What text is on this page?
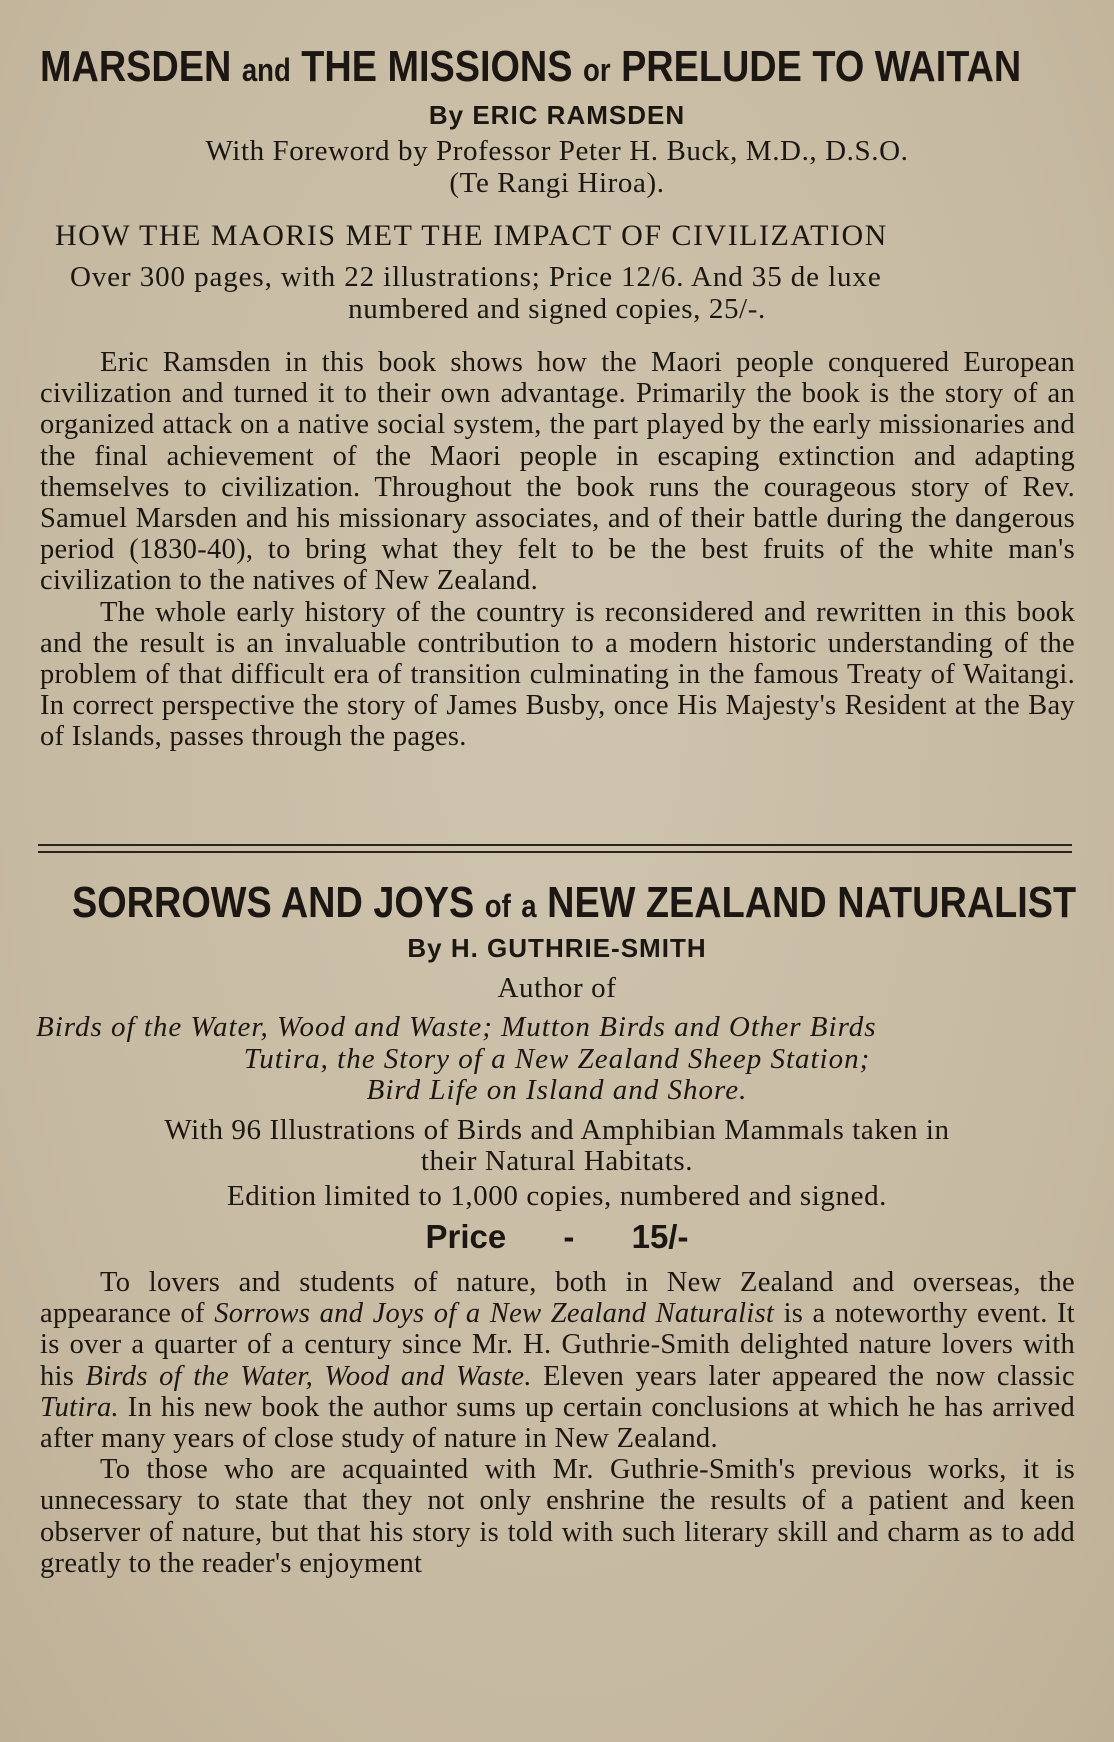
MARSDEN and THE MISSIONS or PRELUDE TO WAITAN
By ERIC RAMSDEN
With Foreword by Professor Peter H. Buck, M.D., D.S.O.
(Te Rangi Hiroa).
HOW THE MAORIS MET THE IMPACT OF CIVILIZATION
Over 300 pages, with 22 illustrations; Price 12/6. And 35 de luxe
numbered and signed copies, 25/-.

Eric Ramsden in this book shows how the Maori people conquered European civilization and turned it to their own advantage. Primarily the book is the story of an organized attack on a native social system, the part played by the early missionaries and the final achievement of the Maori people in escaping extinction and adapting themselves to civilization. Throughout the book runs the courageous story of Rev. Samuel Marsden and his missionary associates, and of their battle during the dangerous period (1830-40), to bring what they felt to be the best fruits of the white man's civilization to the natives of New Zealand.

The whole early history of the country is reconsidered and rewritten in this book and the result is an invaluable contribution to a modern historic understanding of the problem of that difficult era of transition culminating in the famous Treaty of Waitangi. In correct perspective the story of James Busby, once His Majesty's Resident at the Bay of Islands, passes through the pages.

SORROWS AND JOYS of a NEW ZEALAND NATURALIST
By H. GUTHRIE-SMITH
Author of
Birds of the Water, Wood and Waste; Mutton Birds and Other Birds
Tutira, the Story of a New Zealand Sheep Station;
Bird Life on Island and Shore.
With 96 Illustrations of Birds and Amphibian Mammals taken in
their Natural Habitats.
Edition limited to 1,000 copies, numbered and signed.
Price - 15/-

To lovers and students of nature, both in New Zealand and overseas, the appearance of Sorrows and Joys of a New Zealand Naturalist is a noteworthy event. It is over a quarter of a century since Mr. H. Guthrie-Smith delighted nature lovers with his Birds of the Water, Wood and Waste. Eleven years later appeared the now classic Tutira. In his new book the author sums up certain conclusions at which he has arrived after many years of close study of nature in New Zealand.

To those who are acquainted with Mr. Guthrie-Smith's previous works, it is unnecessary to state that they not only enshrine the results of a patient and keen observer of nature, but that his story is told with such literary skill and charm as to add greatly to the reader's enjoyment
